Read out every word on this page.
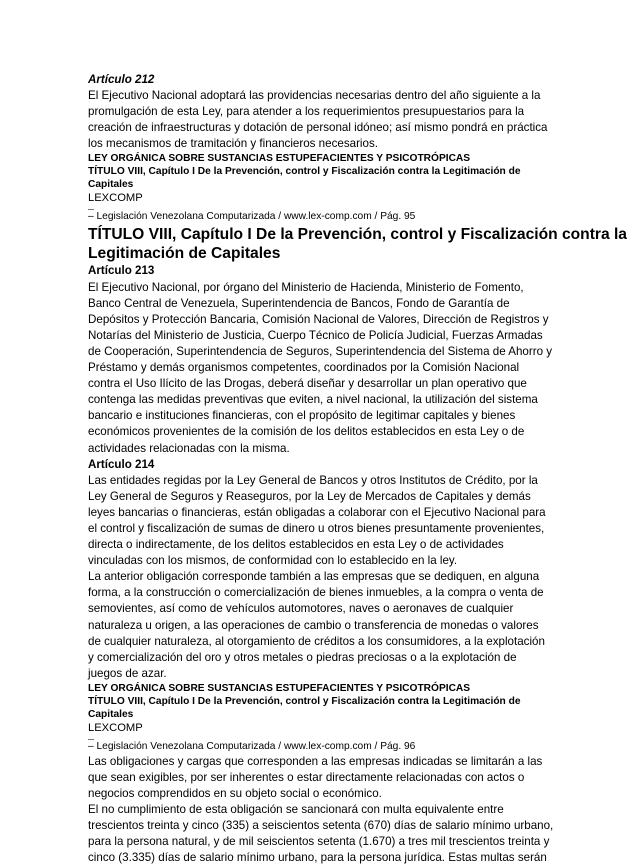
Artículo 212
El Ejecutivo Nacional adoptará las providencias necesarias dentro del año siguiente a la
promulgación de esta Ley, para atender a los requerimientos presupuestarios para la
creación de infraestructuras y dotación de personal idóneo; así mismo pondrá en práctica
los mecanismos de tramitación y financieros necesarios.
LEY ORGÁNICA SOBRE SUSTANCIAS ESTUPEFACIENTES Y PSICOTRÓPICAS
TÍTULO VIII, Capítulo I De la Prevención, control y Fiscalización contra la Legitimación de
Capitales
LEXCOMP
– Legislación Venezolana Computarizada / www.lex-comp.com / Pág. 95
TÍTULO VIII, Capítulo I De la Prevención, control y Fiscalización contra la
Legitimación de Capitales
Artículo 213
El Ejecutivo Nacional, por órgano del Ministerio de Hacienda, Ministerio de Fomento,
Banco Central de Venezuela, Superintendencia de Bancos, Fondo de Garantía de
Depósitos y Protección Bancaria, Comisión Nacional de Valores, Dirección de Registros y
Notarías del Ministerio de Justicia, Cuerpo Técnico de Policía Judicial, Fuerzas Armadas
de Cooperación, Superintendencia de Seguros, Superintendencia del Sistema de Ahorro y
Préstamo y demás organismos competentes, coordinados por la Comisión Nacional
contra el Uso Ilícito de las Drogas, deberá diseñar y desarrollar un plan operativo que
contenga las medidas preventivas que eviten, a nivel nacional, la utilización del sistema
bancario e instituciones financieras, con el propósito de legitimar capitales y bienes
económicos provenientes de la comisión de los delitos establecidos en esta Ley o de
actividades relacionadas con la misma.
Artículo 214
Las entidades regidas por la Ley General de Bancos y otros Institutos de Crédito, por la
Ley General de Seguros y Reaseguros, por la Ley de Mercados de Capitales y demás
leyes bancarias o financieras, están obligadas a colaborar con el Ejecutivo Nacional para
el control y fiscalización de sumas de dinero u otros bienes presuntamente provenientes,
directa o indirectamente, de los delitos establecidos en esta Ley o de actividades
vinculadas con los mismos, de conformidad con lo establecido en la ley.
La anterior obligación corresponde también a las empresas que se dediquen, en alguna
forma, a la construcción o comercialización de bienes inmuebles, a la compra o venta de
semovientes, así como de vehículos automotores, naves o aeronaves de cualquier
naturaleza u origen, a las operaciones de cambio o transferencia de monedas o valores
de cualquier naturaleza, al otorgamiento de créditos a los consumidores, a la explotación
y comercialización del oro y otros metales o piedras preciosas o a la explotación de
juegos de azar.
LEY ORGÁNICA SOBRE SUSTANCIAS ESTUPEFACIENTES Y PSICOTRÓPICAS
TÍTULO VIII, Capítulo I De la Prevención, control y Fiscalización contra la Legitimación de
Capitales
LEXCOMP
– Legislación Venezolana Computarizada / www.lex-comp.com / Pág. 96
Las obligaciones y cargas que corresponden a las empresas indicadas se limitarán a las
que sean exigibles, por ser inherentes o estar directamente relacionadas con actos o
negocios comprendidos en su objeto social o económico.
El no cumplimiento de esta obligación se sancionará con multa equivalente entre
trescientos treinta y cinco (335) a seiscientos setenta (670) días de salario mínimo urbano,
para la persona natural, y de mil seiscientos setenta (1.670) a tres mil trescientos treinta y
cinco (3.335) días de salario mínimo urbano, para la persona jurídica. Estas multas serán
